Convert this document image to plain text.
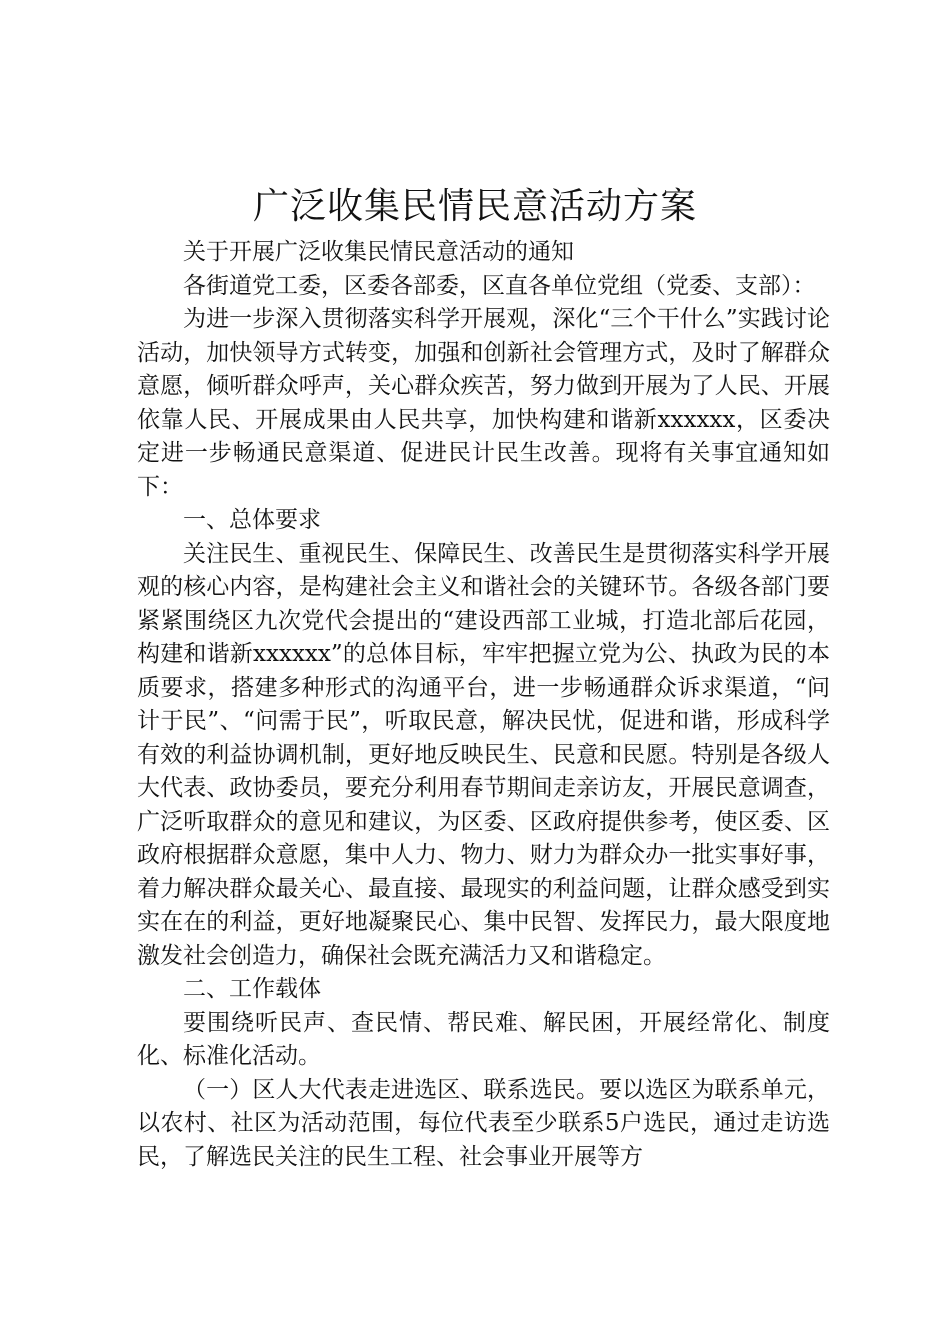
广泛收集民情民意活动方案

关于开展广泛收集民情民意活动的通知

各街道党工委，区委各部委，区直各单位党组（党委、支部）：

为进一步深入贯彻落实科学开展观，深化“三个干什么”实践讨论活动，加快领导方式转变，加强和创新社会管理方式，及时了解群众意愿，倾听群众呼声，关心群众疾苦，努力做到开展为了人民、开展依靠人民、开展成果由人民共享，加快构建和谐新xxxxxx，区委决定进一步畅通民意渠道、促进民计民生改善。现将有关事宜通知如下：

一、总体要求

关注民生、重视民生、保障民生、改善民生是贯彻落实科学开展观的核心内容，是构建社会主义和谐社会的关键环节。各级各部门要紧紧围绕区九次党代会提出的“建设西部工业城，打造北部后花园，构建和谐新xxxxxx”的总体目标，牢牢把握立党为公、执政为民的本质要求，搭建多种形式的沟通平台，进一步畅通群众诉求渠道，“问计于民”、“问需于民”，听取民意，解决民忧，促进和谐，形成科学有效的利益协调机制，更好地反映民生、民意和民愿。特别是各级人大代表、政协委员，要充分利用春节期间走亲访友，开展民意调查，广泛听取群众的意见和建议，为区委、区政府提供参考，使区委、区政府根据群众意愿，集中人力、物力、财力为群众办一批实事好事，着力解决群众最关心、最直接、最现实的利益问题，让群众感受到实实在在的利益，更好地凝聚民心、集中民智、发挥民力，最大限度地激发社会创造力，确保社会既充满活力又和谐稳定。

二、工作载体

要围绕听民声、查民情、帮民难、解民困，开展经常化、制度化、标准化活动。

（一）区人大代表走进选区、联系选民。要以选区为联系单元，以农村、社区为活动范围，每位代表至少联系5户选民，通过走访选民，了解选民关注的民生工程、社会事业开展等方
